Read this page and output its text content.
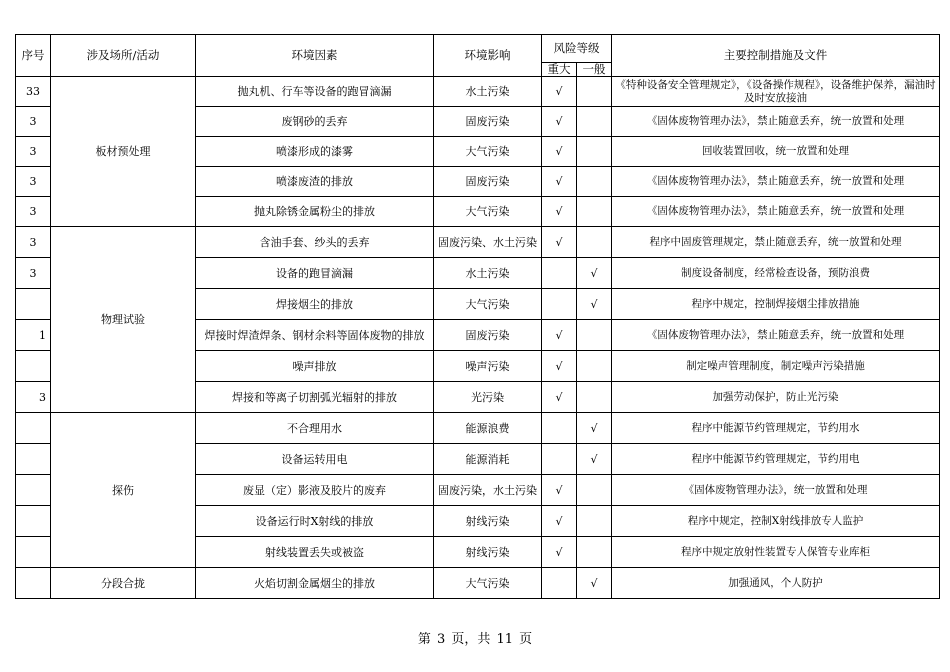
序号	涉及场所/活动	环境因素	环境影响	风险等级		主要控制措施及文件
				重大	一般	
33	板材预处理	抛丸机、行车等设备的跑冒滴漏	水土污染	√		《特种设备安全管理规定》，《设备操作规程》，设备维护保养，漏油时及时安放接油
3		废钢砂的丢弃	固废污染	√		《固体废物管理办法》，禁止随意丢弃，统一放置和处理
3		喷漆形成的漆雾	大气污染	√		回收装置回收，统一放置和处理
3		喷漆废渣的排放	固废污染	√		《固体废物管理办法》，禁止随意丢弃，统一放置和处理
3		抛丸除锈金属粉尘的排放	大气污染	√		《固体废物管理办法》，禁止随意丢弃，统一放置和处理
3	物理试验	含油手套、纱头的丢弃	固废污染、水土污染	√		程序中固废管理规定，禁止随意丢弃，统一放置和处理
3		设备的跑冒滴漏	水土污染		√	制度设备制度，经常检查设备，预防浪费
		焊接烟尘的排放	大气污染		√	程序中规定，控制焊接烟尘排放措施
1		焊接时焊渣焊条、钢材余料等固体废物的排放	固废污染	√		《固体废物管理办法》，禁止随意丢弃，统一放置和处理
		噪声排放	噪声污染	√		制定噪声管理制度，制定噪声污染措施
3		焊接和等离子切割弧光辐射的排放	光污染	√		加强劳动保护，防止光污染
	探伤	不合理用水	能源浪费		√	程序中能源节约管理规定，节约用水
		设备运转用电	能源消耗		√	程序中能源节约管理规定，节约用电
		废显（定）影液及胶片的废弃	固废污染，水土污染	√		《固体废物管理办法》，统一放置和处理
		设备运行时X射线的排放	射线污染	√		程序中规定，控制X射线排放专人监护
		射线装置丢失或被盗	射线污染	√		程序中规定放射性装置专人保管专业库柜
	分段合拢	火焰切割金属烟尘的排放	大气污染		√	加强通风，个人防护
第 3 页，共 11 页
